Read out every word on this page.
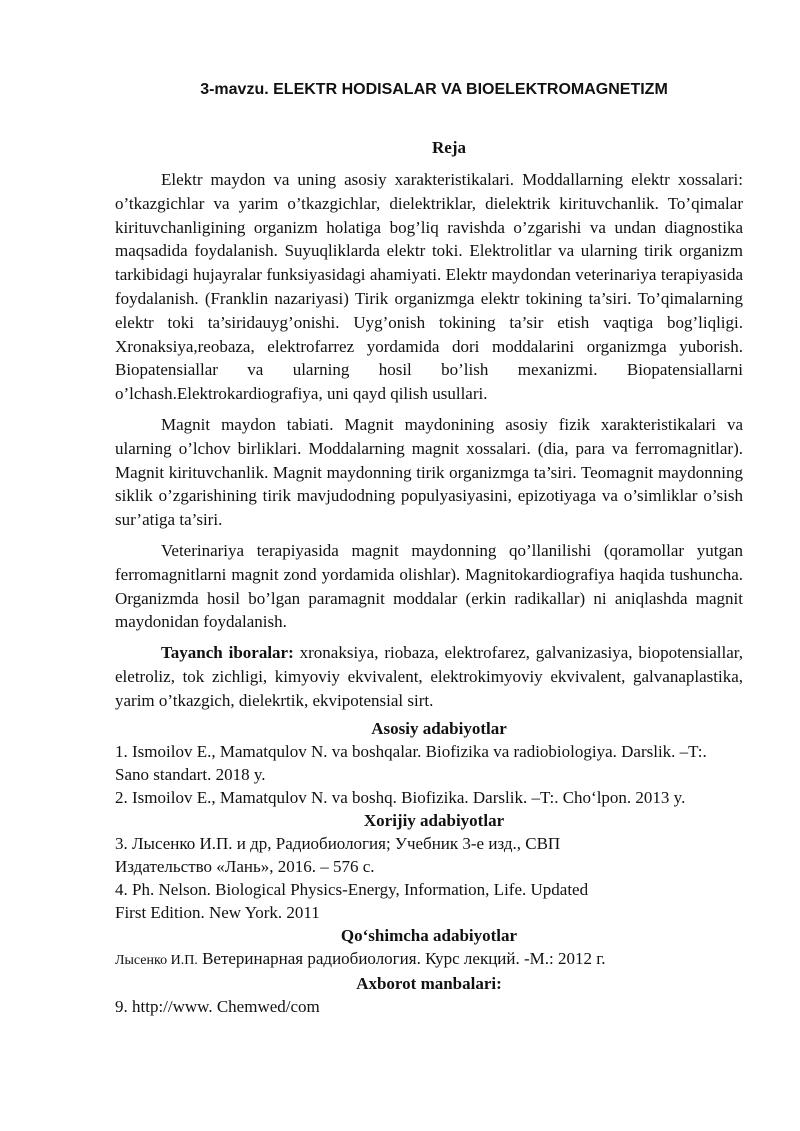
3-mavzu. ELEKTR HODISALAR VA BIOELEKTROMAGNETIZM
Reja

Elektr maydon va uning asosiy xarakteristikalari. Moddallarning elektr xossalari: o’tkazgichlar va yarim o’tkazgichlar, dielektriklar, dielektrik kirituvchanlik. To’qimalar kirituvchanligining organizm holatiga bog’liq ravishda o’zgarishi va undan diagnostika maqsadida foydalanish. Suyuqliklarda elektr toki. Elektrolitlar va ularning tirik organizm tarkibidagi hujayralar funksiyasidagi ahamiyati. Elektr maydondan veterinariya terapiyasida foydalanish. (Franklin nazariyasi) Tirik organizmga elektr tokining ta’siri. To’qimalarning elektr toki ta’siridauyg’onishi. Uyg’onish tokining ta’sir etish vaqtiga bog’liqligi. Xronaksiya,reobaza, elektrofarrez yordamida dori moddalarini organizmga yuborish. Biopatensiallar va ularning hosil bo’lish mexanizmi. Biopatensiallarni o’lchash.Elektrokardiografiya, uni qayd qilish usullari.

Magnit maydon tabiati. Magnit maydonining asosiy fizik xarakteristikalari va ularning o’lchov birliklari. Moddalarning magnit xossalari. (dia, para va ferromagnitlar). Magnit kirituvchanlik. Magnit maydonning tirik organizmga ta’siri. Teomagnit maydonning siklik o’zgarishining tirik mavjudodning populyasiyasini, epizotiyaga va o’simliklar o’sish sur’atiga ta’siri.

Veterinariya terapiyasida magnit maydonning qo’llanilishi (qoramollar yutgan ferromagnitlarni magnit zond yordamida olishlar). Magnitokardiografiya haqida tushuncha. Organizmda hosil bo’lgan paramagnit moddalar (erkin radikallar) ni aniqlashda magnit maydonidan foydalanish.

Tayanch iboralar: xronaksiya, riobaza, elektrofarez, galvanizasiya, biopotensiallar, eletroliz, tok zichligi, kimyoviy ekvivalent, elektrokimyoviy ekvivalent, galvanaplastika, yarim o’tkazgich, dielekrtik, ekvipotensial sirt.

Asosiy adabiyotlar

1. Ismoilov E., Mamatqulov N. va boshqalar. Biofizika va radiobiologiya. Darslik. –T:. Sano standart. 2018 y.

2. Ismoilov E., Mamatqulov N. va boshq. Biofizika. Darslik. –T:. Cho‘lpon. 2013 y.

Xorijiy adabiyotlar
3. Лысенко И.П. и др, Радиобиология; Учебник 3-е изд., СВП
Издательство «Лань», 2016. – 576 с.
4. Ph. Nelson. Biological Physics-Energy, Information, Life. Updated
First Edition. New York. 2011
Qo‘shimcha adabiyotlar

Лысенко И.П. Ветеринарная радиобиология. Курс лекций. -М.: 2012 г.

Axborot manbalari:

9. http://www. Chemwed/com
